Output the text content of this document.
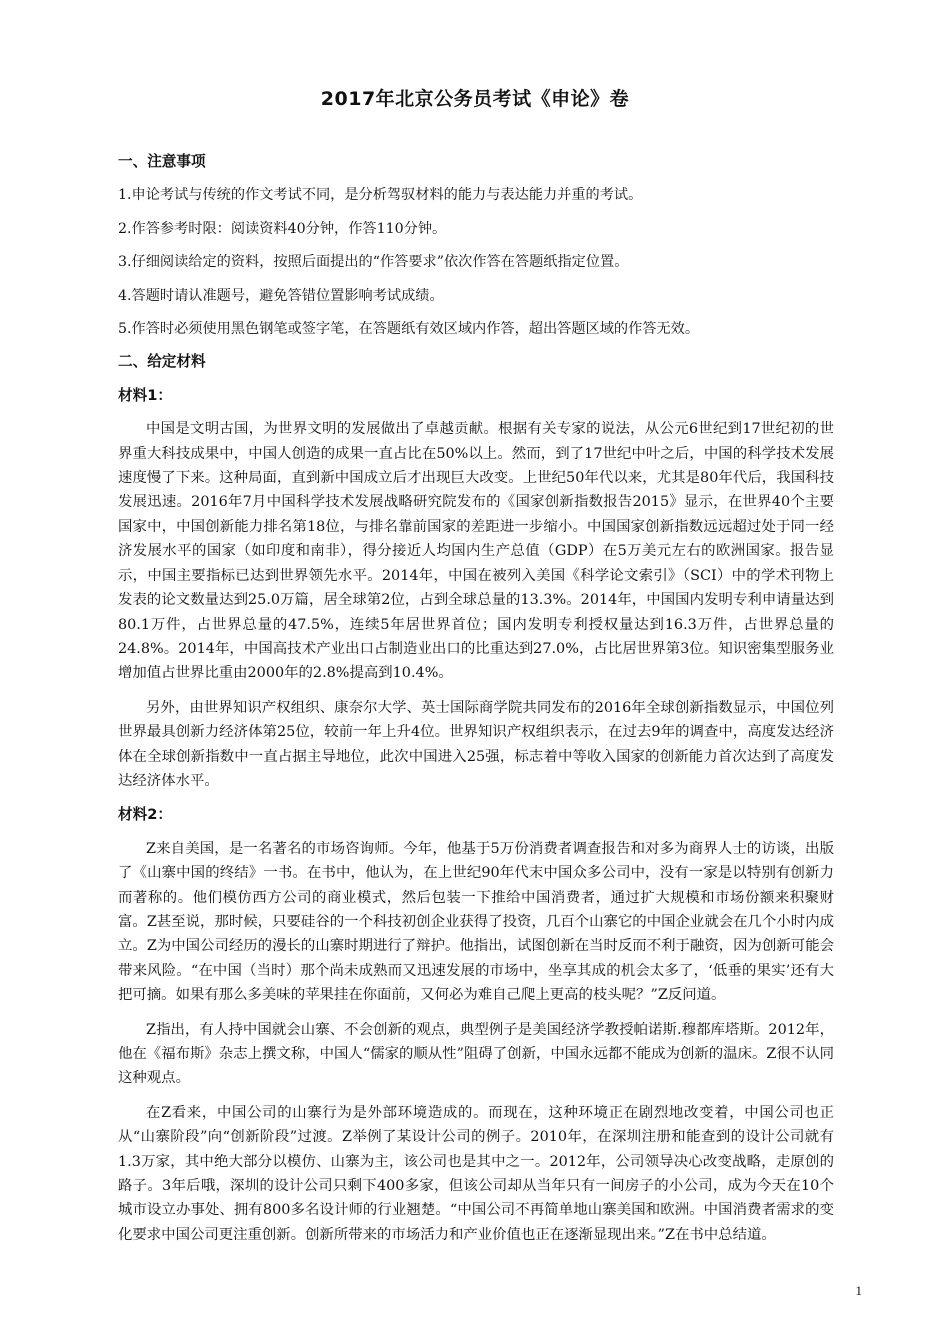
2017年北京公务员考试《申论》卷
一、注意事项
1.申论考试与传统的作文考试不同，是分析驾驭材料的能力与表达能力并重的考试。
2.作答参考时限：阅读资料40分钟，作答110分钟。
3.仔细阅读给定的资料，按照后面提出的“作答要求”依次作答在答题纸指定位置。
4.答题时请认准题号，避免答错位置影响考试成绩。
5.作答时必须使用黑色钢笔或签字笔，在答题纸有效区域内作答，超出答题区域的作答无效。
二、给定材料
材料1：

中国是文明古国，为世界文明的发展做出了卓越贡献。根据有关专家的说法，从公元6世纪到17世纪初的世界重大科技成果中，中国人创造的成果一直占比在50%以上。然而，到了17世纪中叶之后，中国的科学技术发展速度慢了下来。这种局面，直到新中国成立后才出现巨大改变。上世纪50年代以来，尤其是80年代后，我国科技发展迅速。2016年7月中国科学技术发展战略研究院发布的《国家创新指数报告2015》显示，在世界40个主要国家中，中国创新能力排名第18位，与排名靠前国家的差距进一步缩小。中国国家创新指数远远超过处于同一经济发展水平的国家（如印度和南非），得分接近人均国内生产总值（GDP）在5万美元左右的欧洲国家。报告显示，中国主要指标已达到世界领先水平。2014年，中国在被列入美国《科学论文索引》（SCI）中的学术刊物上发表的论文数量达到25.0万篇，居全球第2位，占到全球总量的13.3%。2014年，中国国内发明专利申请量达到80.1万件，占世界总量的47.5%，连续5年居世界首位；国内发明专利授权量达到16.3万件，占世界总量的24.8%。2014年，中国高技术产业出口占制造业出口的比重达到27.0%，占比居世界第3位。知识密集型服务业增加值占世界比重由2000年的2.8%提高到10.4%。

另外，由世界知识产权组织、康奈尔大学、英士国际商学院共同发布的2016年全球创新指数显示，中国位列世界最具创新力经济体第25位，较前一年上升4位。世界知识产权组织表示，在过去9年的调查中，高度发达经济体在全球创新指数中一直占据主导地位，此次中国进入25强，标志着中等收入国家的创新能力首次达到了高度发达经济体水平。

材料2：

Z来自美国，是一名著名的市场咨询师。今年，他基于5万份消费者调查报告和对多为商界人士的访谈，出版了《山寨中国的终结》一书。在书中，他认为，在上世纪90年代末中国众多公司中，没有一家是以特别有创新力而著称的。他们模仿西方公司的商业模式，然后包装一下推给中国消费者，通过扩大规模和市场份额来积聚财富。Z甚至说，那时候，只要硅谷的一个科技初创企业获得了投资，几百个山寨它的中国企业就会在几个小时内成立。Z为中国公司经历的漫长的山寨时期进行了辩护。他指出，试图创新在当时反而不利于融资，因为创新可能会带来风险。“在中国（当时）那个尚未成熟而又迅速发展的市场中，坐享其成的机会太多了，‘低垂的果实’还有大把可摘。如果有那么多美味的苹果挂在你面前，又何必为难自己爬上更高的枝头呢？”Z反问道。

Z指出，有人持中国就会山寨、不会创新的观点，典型例子是美国经济学教授帕诺斯.穆都库塔斯。2012年，他在《福布斯》杂志上撰文称，中国人“儒家的顺从性”阻碍了创新，中国永远都不能成为创新的温床。Z很不认同这种观点。

在Z看来，中国公司的山寨行为是外部环境造成的。而现在，这种环境正在剧烈地改变着，中国公司也正从“山寨阶段”向“创新阶段”过渡。Z举例了某设计公司的例子。2010年，在深圳注册和能查到的设计公司就有1.3万家，其中绝大部分以模仿、山寨为主，该公司也是其中之一。2012年，公司领导决心改变战略，走原创的路子。3年后哦，深圳的设计公司只剩下400多家，但该公司却从当年只有一间房子的小公司，成为今天在10个城市设立办事处、拥有800多名设计师的行业翘楚。“中国公司不再简单地山寨美国和欧洲。中国消费者需求的变化要求中国公司更注重创新。创新所带来的市场活力和产业价值也正在逐渐显现出来。”Z在书中总结道。

1
